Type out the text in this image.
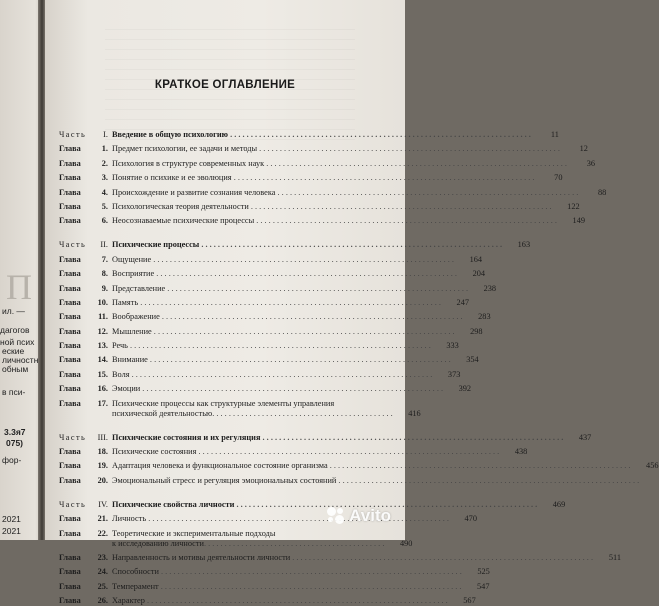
П
ил. —
дагогов
ной псих
еские
личностн
обным
в пси-
3.3я7
075)
фор-
2021
2021
КРАТКОЕ ОГЛАВЛЕНИЕ
Часть	I. Введение в общую психологию . . .	11
Глава	1. Предмет психологии, ее задачи и методы . . .	12
Глава	2. Психология в структуре современных наук . . .	36
Глава	3. Понятие о психике и ее эволюция . . .	70
Глава	4. Происхождение и развитие сознания человека . . .	88
Глава	5. Психологическая теория деятельности . . .	122
Глава	6. Неосознаваемые психические процессы . . .	149
Часть	II. Психические процессы . . .	163
Глава	7. Ощущение . . .	164
Глава	8. Восприятие . . .	204
Глава	9. Представление . . .	238
Глава	10. Память . . .	247
Глава	11. Воображение . . .	283
Глава	12. Мышление . . .	298
Глава	13. Речь . . .	333
Глава	14. Внимание . . .	354
Глава	15. Воля . . .	373
Глава	16. Эмоции . . .	392
Глава	17. Психические процессы как структурные элементы управления
психической деятельностью . . . . . . . . . . . . . . . . . . . . . . . . . . . . . . . . . . . . . . . . . . . .	416
Часть	III. Психические состояния и их регуляция . . .	437
Глава	18. Психические состояния . . .	438
Глава	19. Адаптация человека и функциональное состояние организма . . .	456
Глава	20. Эмоциональный стресс и регуляция эмоциональных состояний . . .
Часть	IV. Психические свойства личности . . .	469
Глава	21. Личность . . .	470
Глава	22. Теоретические и экспериментальные подходы
к исследованию личности . . . . . . . . . . . . . . . . . . . . . . . . . . . . . . . . . . . . . . . . . . . .	490
Глава	23. Направленность и мотивы деятельности личности . . .	511
Глава	24. Способности . . .	525
Глава	25. Темперамент . . .	547
Глава	26. Характер . . .	567
Avito
